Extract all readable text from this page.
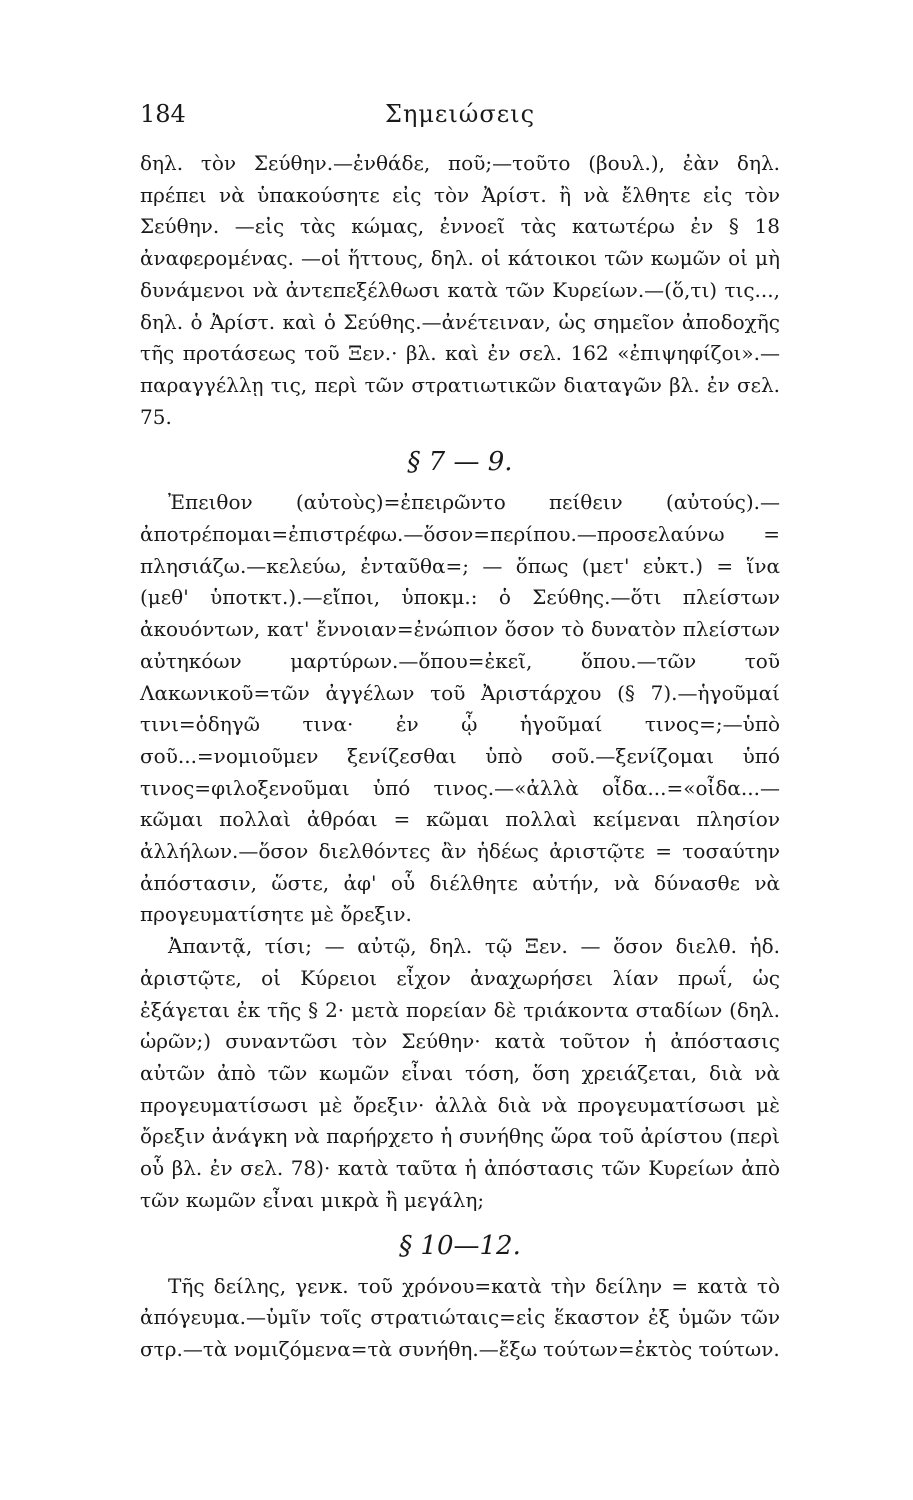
184	Σημειώσεις

δηλ. τὸν Σεύθην.—ἐνθάδε, ποῦ;—τοῦτο (βουλ.), ἐὰν δηλ. πρέπει νὰ ὑπακούσητε εἰς τὸν Ἀρίστ. ἢ νὰ ἔλθητε εἰς τὸν Σεύθην. —εἰς τὰς κώμας, ἐννοεῖ τὰς κατωτέρω ἐν § 18 ἀναφερομένας. —οἱ ἥττους, δηλ. οἱ κάτοικοι τῶν κωμῶν οἱ μὴ δυνάμενοι νὰ ἀντεπεξέλθωσι κατὰ τῶν Κυρείων.—(ὅ,τι) τις..., δηλ. ὁ Ἀρίστ. καὶ ὁ Σεύθης.—ἀνέτειναν, ὡς σημεῖον ἀποδοχῆς τῆς προτάσεως τοῦ Ξεν.· βλ. καὶ ἐν σελ. 162 «ἐπιψηφίζοι».—παραγγέλλῃ τις, περὶ τῶν στρατιωτικῶν διαταγῶν βλ. ἐν σελ. 75.

§ 7 — 9.

Ἐπειθον (αὐτοὺς)=ἐπειρῶντο πείθειν (αὐτούς).—ἀποτρέπομαι=ἐπιστρέφω.—ὅσον=περίπου.—προσελαύνω = πλησιάζω.—κελεύω, ἐνταῦθα=; — ὅπως (μετ' εὐκτ.) = ἵνα (μεθ' ὑποτκτ.).—εἴποι, ὑποκμ.: ὁ Σεύθης.—ὅτι πλείστων ἀκουόντων, κατ' ἔννοιαν=ἐνώπιον ὅσον τὸ δυνατὸν πλείστων αὐτηκόων μαρτύρων.—ὅπου=ἐκεῖ, ὅπου.—τῶν τοῦ Λακωνικοῦ=τῶν ἀγγέλων τοῦ Ἀριστάρχου (§ 7).—ἡγοῦμαί τινι=ὁδηγῶ τινα· ἐν ᾧ ἡγοῦμαί τινος=;—ὑπὸ σοῦ...=νομιοῦμεν ξενίζεσθαι ὑπὸ σοῦ.—ξενίζομαι ὑπό τινος=φιλοξενοῦμαι ὑπό τινος.—«ἀλλὰ οἶδα...=«οἶδα...—κῶμαι πολλαὶ ἀθρόαι = κῶμαι πολλαὶ κείμεναι πλησίον ἀλλήλων.—ὅσον διελθόντες ἂν ἡδέως ἀριστῷτε = τοσαύτην ἀπόστασιν, ὥστε, ἀφ' οὗ διέλθητε αὐτήν, νὰ δύνασθε νὰ προγευματίσητε μὲ ὄρεξιν.

Ἀπαντᾷ, τίσι; — αὐτῷ, δηλ. τῷ Ξεν. — ὅσον διελθ. ἡδ. ἀριστῷτε, οἱ Κύρειοι εἶχον ἀναχωρήσει λίαν πρωΐ, ὡς ἐξάγεται ἐκ τῆς § 2· μετὰ πορείαν δὲ τριάκοντα σταδίων (δηλ. ὡρῶν;) συναντῶσι τὸν Σεύθην· κατὰ τοῦτον ἡ ἀπόστασις αὐτῶν ἀπὸ τῶν κωμῶν εἶναι τόση, ὅση χρειάζεται, διὰ νὰ προγευματίσωσι μὲ ὄρεξιν· ἀλλὰ διὰ νὰ προγευματίσωσι μὲ ὄρεξιν ἀνάγκη νὰ παρήρχετο ἡ συνήθης ὥρα τοῦ ἀρίστου (περὶ οὗ βλ. ἐν σελ. 78)· κατὰ ταῦτα ἡ ἀπόστασις τῶν Κυρείων ἀπὸ τῶν κωμῶν εἶναι μικρὰ ἢ μεγάλη;

§ 10—12.

Τῆς δείλης, γενκ. τοῦ χρόνου=κατὰ τὴν δείλην = κατὰ τὸ ἀπόγευμα.—ὑμῖν τοῖς στρατιώταις=εἰς ἕκαστον ἐξ ὑμῶν τῶν στρ.—τὰ νομιζόμενα=τὰ συνήθη.—ἔξω τούτων=ἐκτὸς τούτων.
